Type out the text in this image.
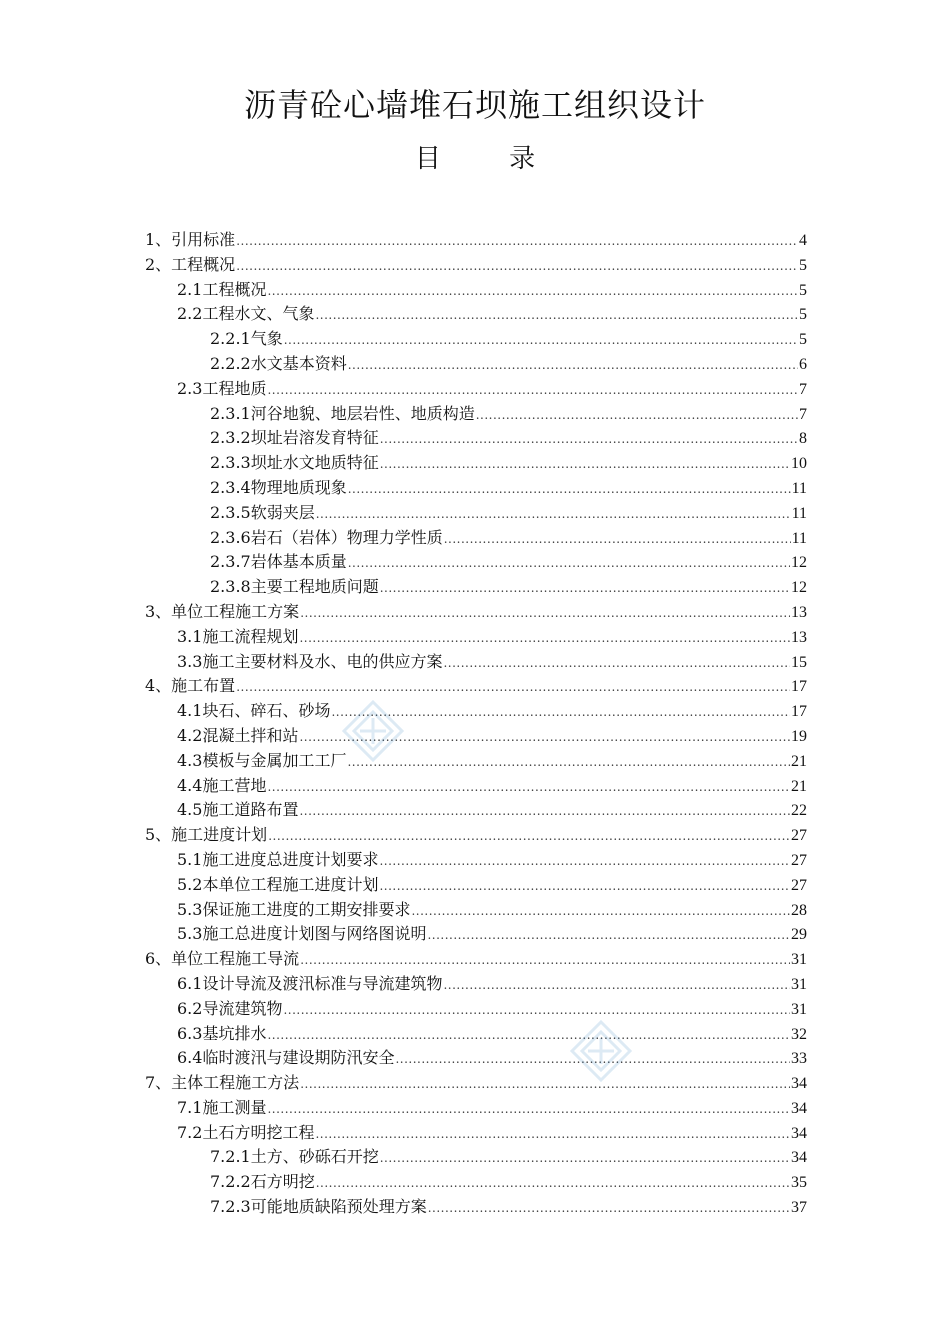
沥青砼心墙堆石坝施工组织设计
目 录
1、引用标准 .....	4
2、工程概况 .....	5
2.1工程概况 .....	5
2.2工程水文、气象 .....	5
2.2.1气象 .....	5
2.2.2水文基本资料 .....	6
2.3工程地质 .....	7
2.3.1河谷地貌、地层岩性、地质构造 .....	7
2.3.2坝址岩溶发育特征 .....	8
2.3.3坝址水文地质特征 .....	10
2.3.4物理地质现象 .....	11
2.3.5软弱夹层 .....	11
2.3.6岩石（岩体）物理力学性质 .....	11
2.3.7岩体基本质量 .....	12
2.3.8主要工程地质问题 .....	12
3、单位工程施工方案 .....	13
3.1施工流程规划 .....	13
3.3施工主要材料及水、电的供应方案 .....	15
4、施工布置 .....	17
4.1块石、碎石、砂场 .....	17
4.2混凝土拌和站 .....	19
4.3模板与金属加工工厂 .....	21
4.4施工营地 .....	21
4.5施工道路布置 .....	22
5、施工进度计划 .....	27
5.1施工进度总进度计划要求 .....	27
5.2本单位工程施工进度计划 .....	27
5.3保证施工进度的工期安排要求 .....	28
5.3施工总进度计划图与网络图说明 .....	29
6、单位工程施工导流 .....	31
6.1设计导流及渡汛标准与导流建筑物 .....	31
6.2导流建筑物 .....	31
6.3基坑排水 .....	32
6.4临时渡汛与建设期防汛安全 .....	33
7、主体工程施工方法 .....	34
7.1施工测量 .....	34
7.2土石方明挖工程 .....	34
7.2.1土方、砂砾石开挖 .....	34
7.2.2石方明挖 .....	35
7.2.3可能地质缺陷预处理方案 .....	37
